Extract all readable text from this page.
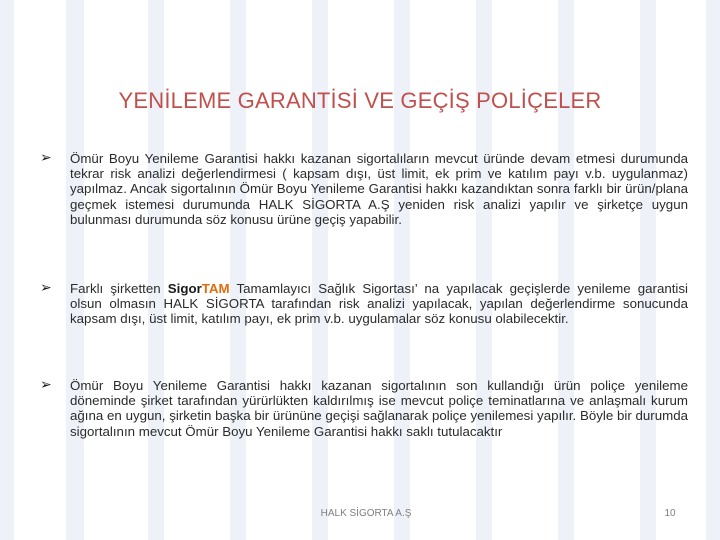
YENİLEME GARANTİSİ VE GEÇİŞ POLİÇELER
➢	Ömür Boyu Yenileme Garantisi hakkı kazanan sigortalıların mevcut üründe devam etmesi durumunda tekrar risk analizi değerlendirmesi ( kapsam dışı, üst limit, ek prim ve katılım payı v.b. uygulanmaz) yapılmaz. Ancak sigortalının Ömür Boyu Yenileme Garantisi hakkı kazandıktan sonra farklı bir ürün/plana geçmek istemesi durumunda HALK SİGORTA A.Ş yeniden risk analizi yapılır ve şirketçe uygun bulunması durumunda söz konusu ürüne geçiş yapabilir.
➢	Farklı şirketten SigorTAM Tamamlayıcı Sağlık Sigortası’ na yapılacak geçişlerde yenileme garantisi olsun olmasın HALK SİGORTA tarafından risk analizi yapılacak, yapılan değerlendirme sonucunda kapsam dışı, üst limit, katılım payı, ek prim v.b. uygulamalar söz konusu olabilecektir.
➢	Ömür Boyu Yenileme Garantisi hakkı kazanan sigortalının son kullandığı ürün poliçe yenileme döneminde şirket tarafından yürürlükten kaldırılmış ise mevcut poliçe teminatlarına ve anlaşmalı kurum ağına en uygun, şirketin başka bir ürününe geçişi sağlanarak poliçe yenilemesi yapılır. Böyle bir durumda sigortalının mevcut Ömür Boyu Yenileme Garantisi hakkı saklı tutulacaktır
HALK SİGORTA A.Ş	10
